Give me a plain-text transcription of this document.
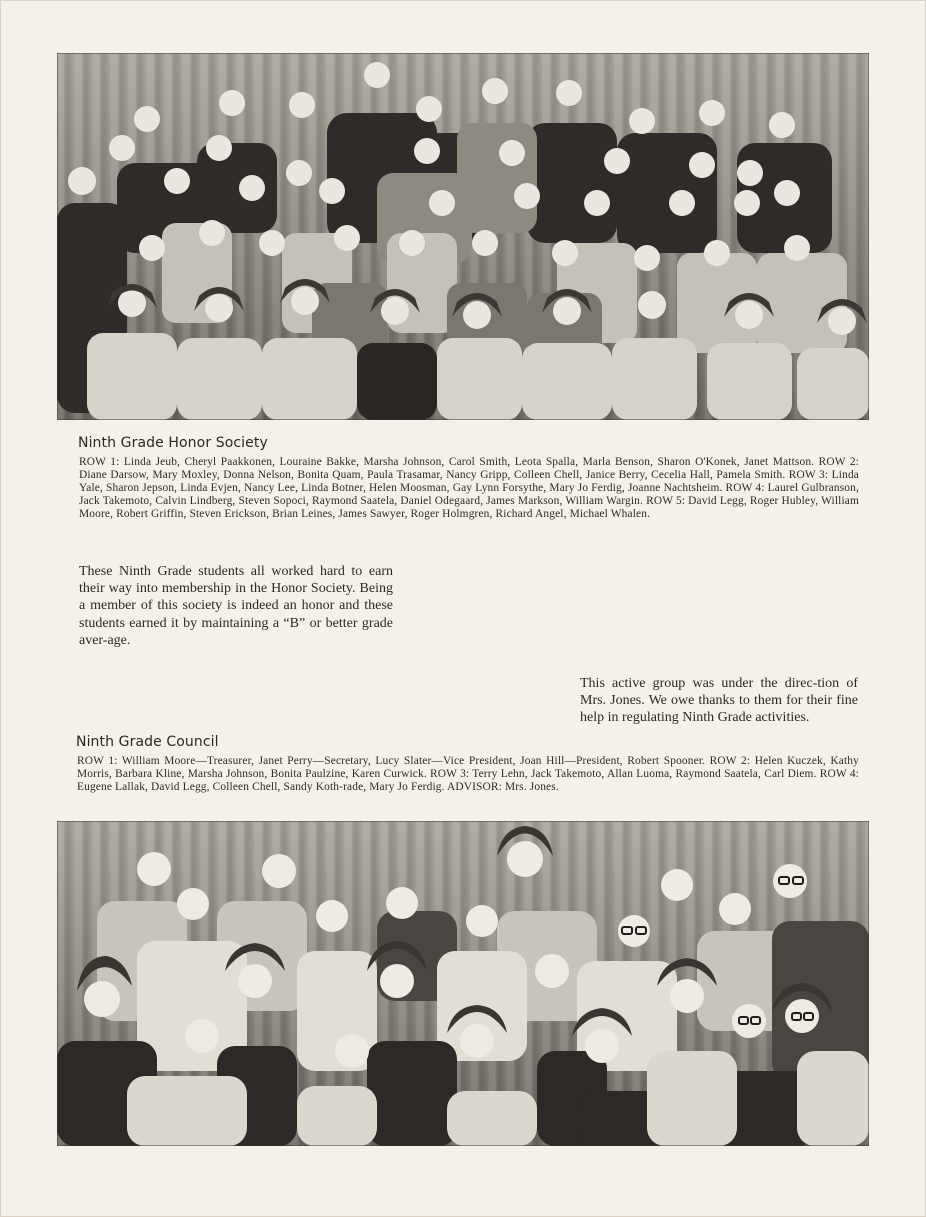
Ninth Grade Honor Society

ROW 1: Linda Jeub, Cheryl Paakkonen, Louraine Bakke, Marsha Johnson, Carol Smith, Leota Spalla, Marla Benson, Sharon O'Konek, Janet Mattson. ROW 2: Diane Darsow, Mary Moxley, Donna Nelson, Bonita Quam, Paula Trasamar, Nancy Gripp, Colleen Chell, Janice Berry, Cecelia Hall, Pamela Smith. ROW 3: Linda Yale, Sharon Jepson, Linda Evjen, Nancy Lee, Linda Botner, Helen Moosman, Gay Lynn Forsythe, Mary Jo Ferdig, Joanne Nachtsheim. ROW 4: Laurel Gulbranson, Jack Takemoto, Calvin Lindberg, Steven Sopoci, Raymond Saatela, Daniel Odegaard, James Markson, William Wargin. ROW 5: David Legg, Roger Hubley, William Moore, Robert Griffin, Steven Erickson, Brian Leines, James Sawyer, Roger Holmgren, Richard Angel, Michael Whalen.

These Ninth Grade students all worked hard to earn their way into membership in the Honor Society. Being a member of this society is indeed an honor and these students earned it by maintaining a “B” or better grade aver-age.

This active group was under the direc-tion of Mrs. Jones. We owe thanks to them for their fine help in regulating Ninth Grade activities.

Ninth Grade Council

ROW 1: William Moore—Treasurer, Janet Perry—Secretary, Lucy Slater—Vice President, Joan Hill—President, Robert Spooner. ROW 2: Helen Kuczek, Kathy Morris, Barbara Kline, Marsha Johnson, Bonita Paulzine, Karen Curwick. ROW 3: Terry Lehn, Jack Takemoto, Allan Luoma, Raymond Saatela, Carl Diem. ROW 4: Eugene Lallak, David Legg, Colleen Chell, Sandy Koth-rade, Mary Jo Ferdig. ADVISOR: Mrs. Jones.
